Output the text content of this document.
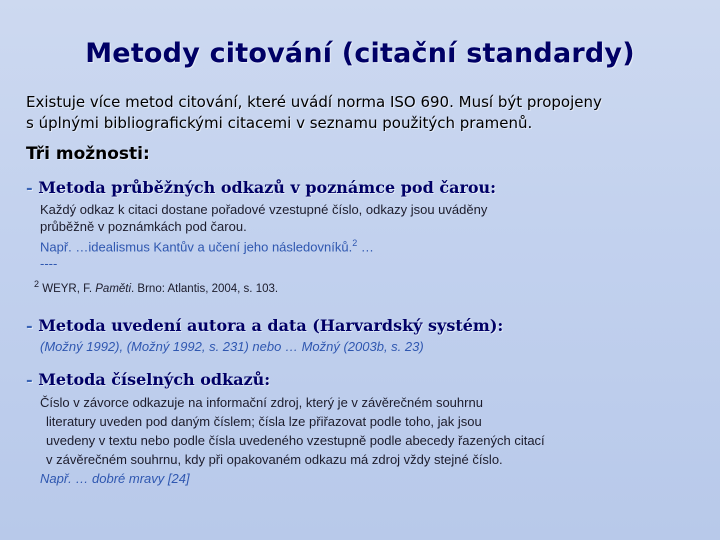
Metody citování (citační standardy)
Existuje více metod citování, které uvádí norma ISO 690. Musí být propojeny
s úplnými bibliografickými citacemi v seznamu použitých pramenů.
Tři možnosti:
- Metoda průběžných odkazů v poznámce pod čarou:
Každý odkaz k citaci dostane pořadové vzestupné číslo, odkazy jsou uváděny
průběžně v poznámkách pod čarou.
Např. …idealismus Kantův a učení jeho následovníků.$^2$ …
----
$^2$ WEYR, F. Paměti. Brno: Atlantis, 2004, s. 103.
- Metoda uvedení autora a data (Harvardský systém):
(Možný 1992), (Možný 1992, s. 231) nebo … Možný (2003b, s. 23)
- Metoda číselných odkazů:
Číslo v závorce odkazuje na informační zdroj, který je v závěrečném souhrnu
literatury uveden pod daným číslem; čísla lze přiřazovat podle toho, jak jsou
uvedeny v textu nebo podle čísla uvedeného vzestupně podle abecedy řazených citací
v závěrečném souhrnu, kdy při opakovaném odkazu má zdroj vždy stejné číslo.
Např. … dobré mravy [24]
